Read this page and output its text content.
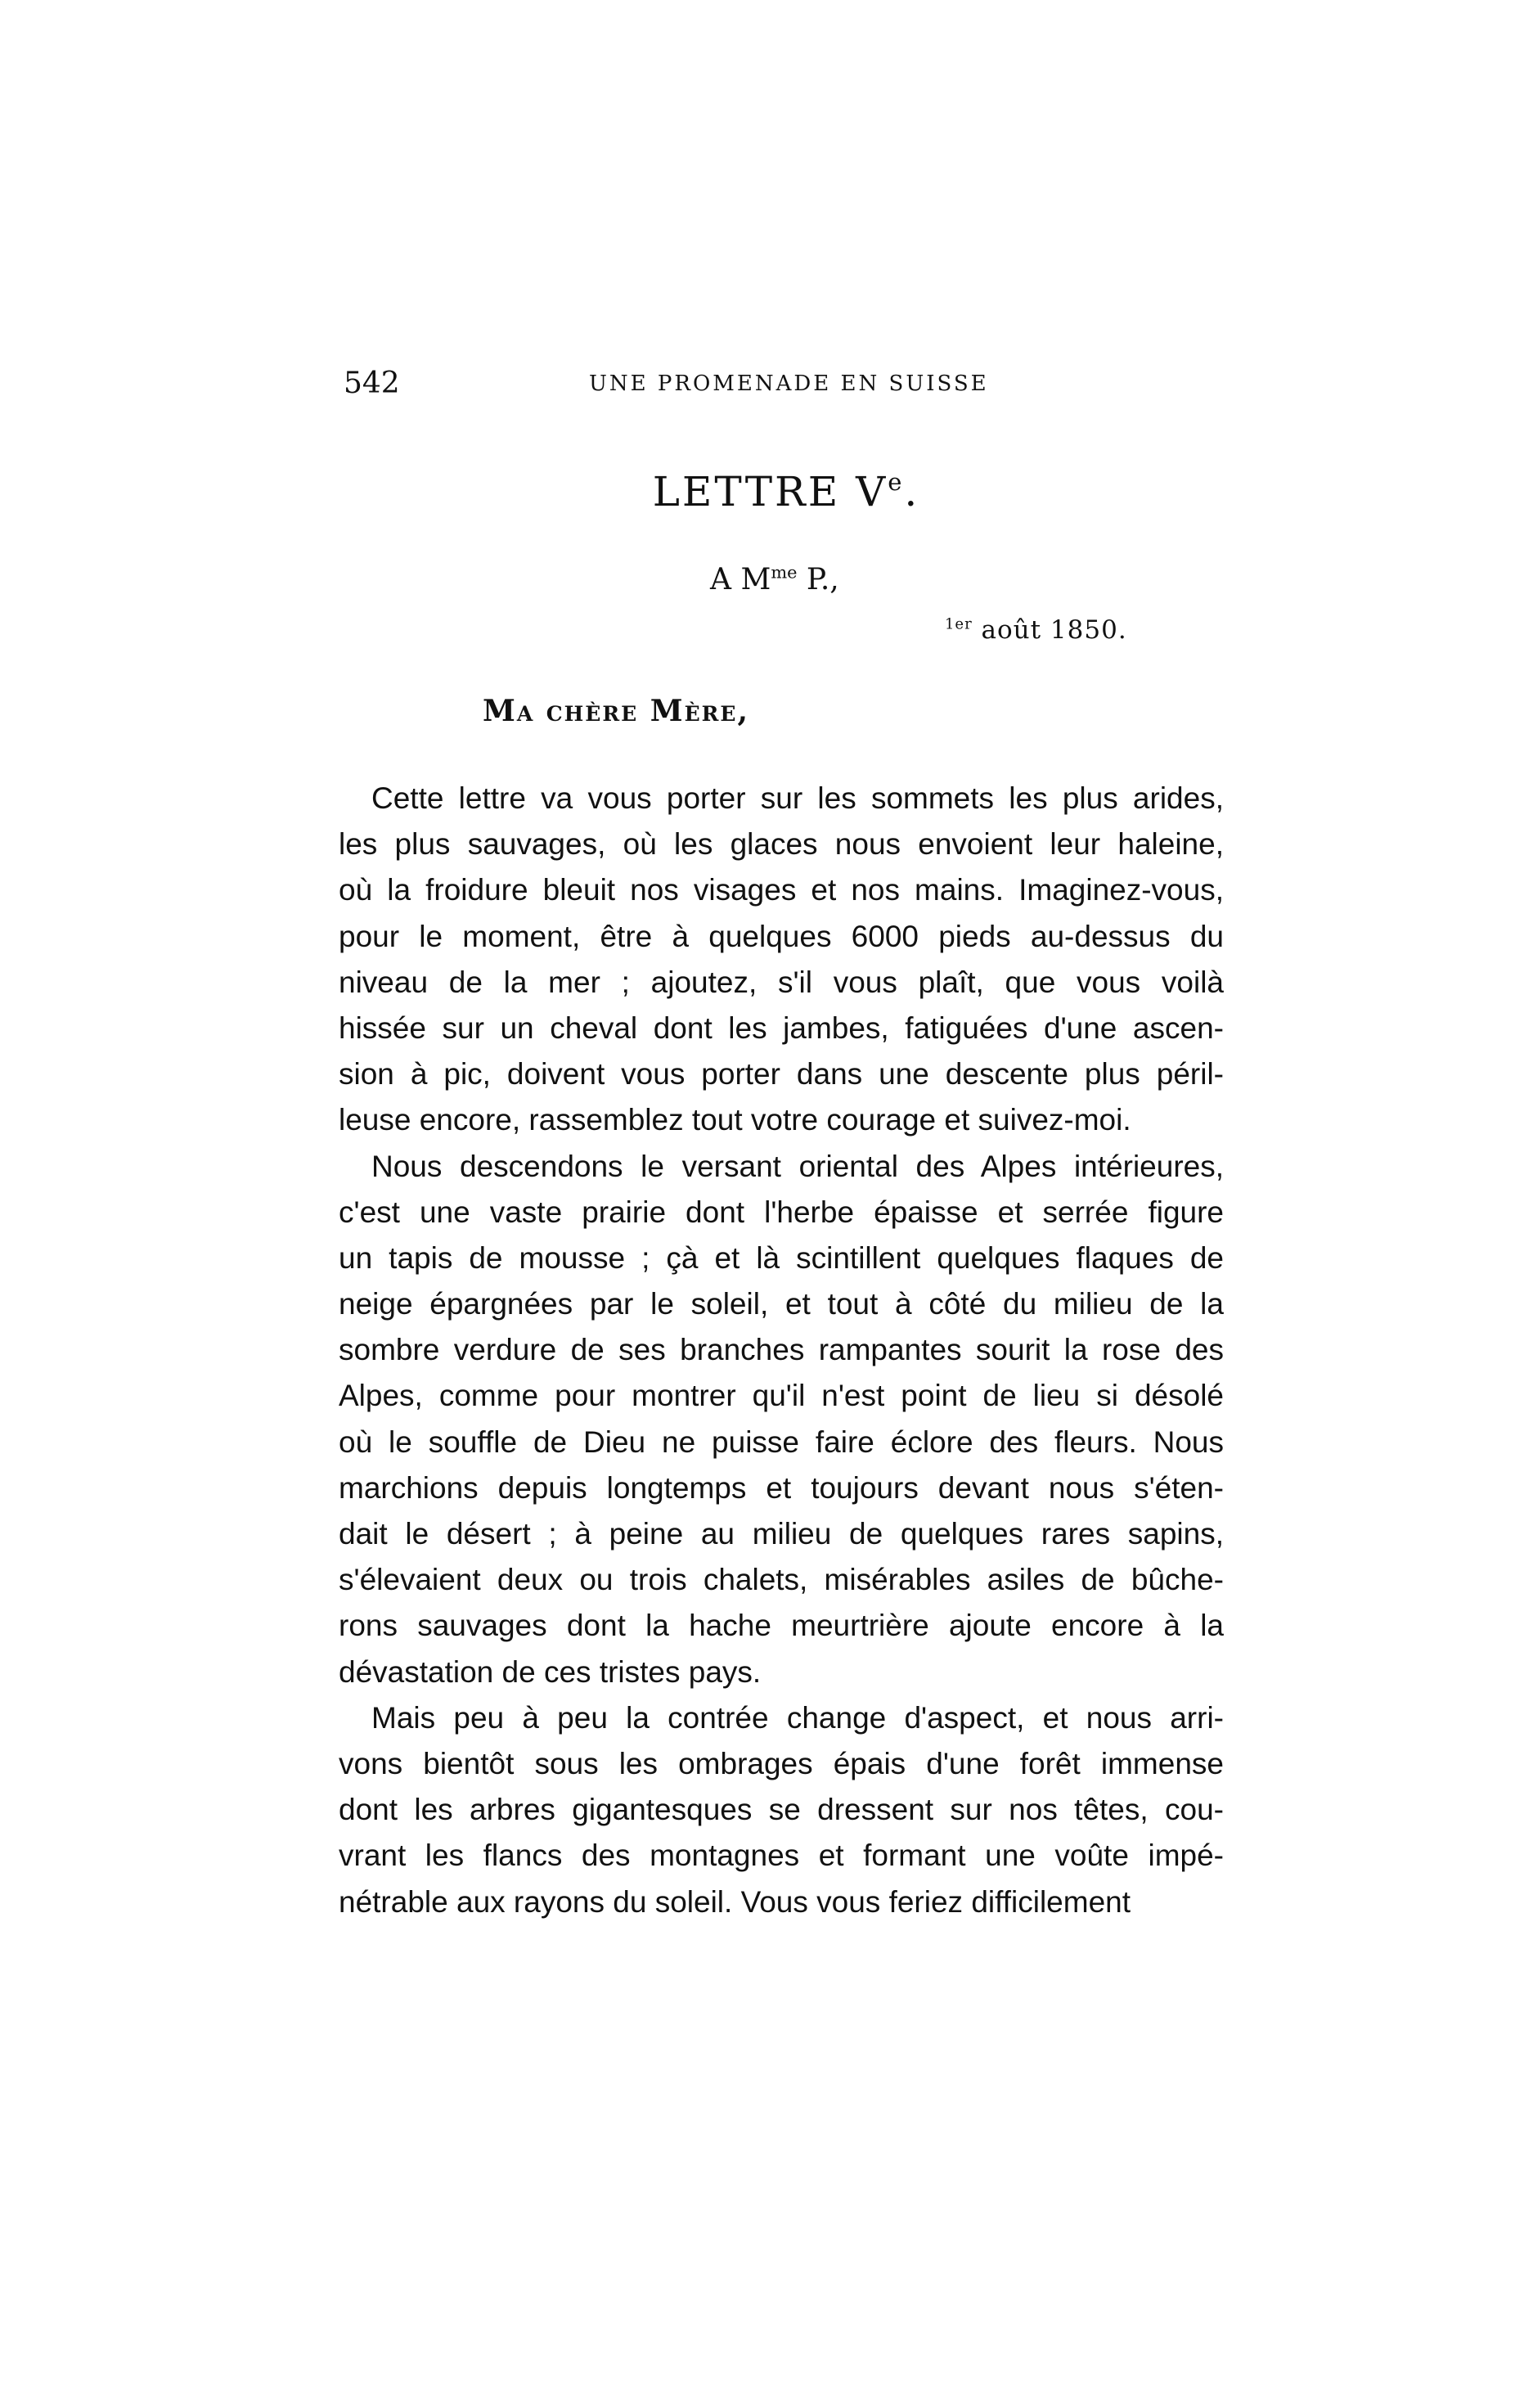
542	UNE PROMENADE EN SUISSE
LETTRE Ve.
A $M^{me}$ P.,
$^{1er}$ août 1850.
Ma chère Mère,
Cette lettre va vous porter sur les sommets les plus arides,
les plus sauvages, où les glaces nous envoient leur haleine,
où la froidure bleuit nos visages et nos mains. Imaginez-vous,
pour le moment, être à quelques 6000 pieds au-dessus du
niveau de la mer ; ajoutez, s'il vous plaît, que vous voilà
hissée sur un cheval dont les jambes, fatiguées d'une ascen-
sion à pic, doivent vous porter dans une descente plus péril-
leuse encore, rassemblez tout votre courage et suivez-moi.
Nous descendons le versant oriental des Alpes intérieures,
c'est une vaste prairie dont l'herbe épaisse et serrée figure
un tapis de mousse ; çà et là scintillent quelques flaques de
neige épargnées par le soleil, et tout à côté du milieu de la
sombre verdure de ses branches rampantes sourit la rose des
Alpes, comme pour montrer qu'il n'est point de lieu si désolé
où le souffle de Dieu ne puisse faire éclore des fleurs. Nous
marchions depuis longtemps et toujours devant nous s'éten-
dait le désert ; à peine au milieu de quelques rares sapins,
s'élevaient deux ou trois chalets, misérables asiles de bûche-
rons sauvages dont la hache meurtrière ajoute encore à la
dévastation de ces tristes pays.
Mais peu à peu la contrée change d'aspect, et nous arri-
vons bientôt sous les ombrages épais d'une forêt immense
dont les arbres gigantesques se dressent sur nos têtes, cou-
vrant les flancs des montagnes et formant une voûte impé-
nétrable aux rayons du soleil. Vous vous feriez difficilement
